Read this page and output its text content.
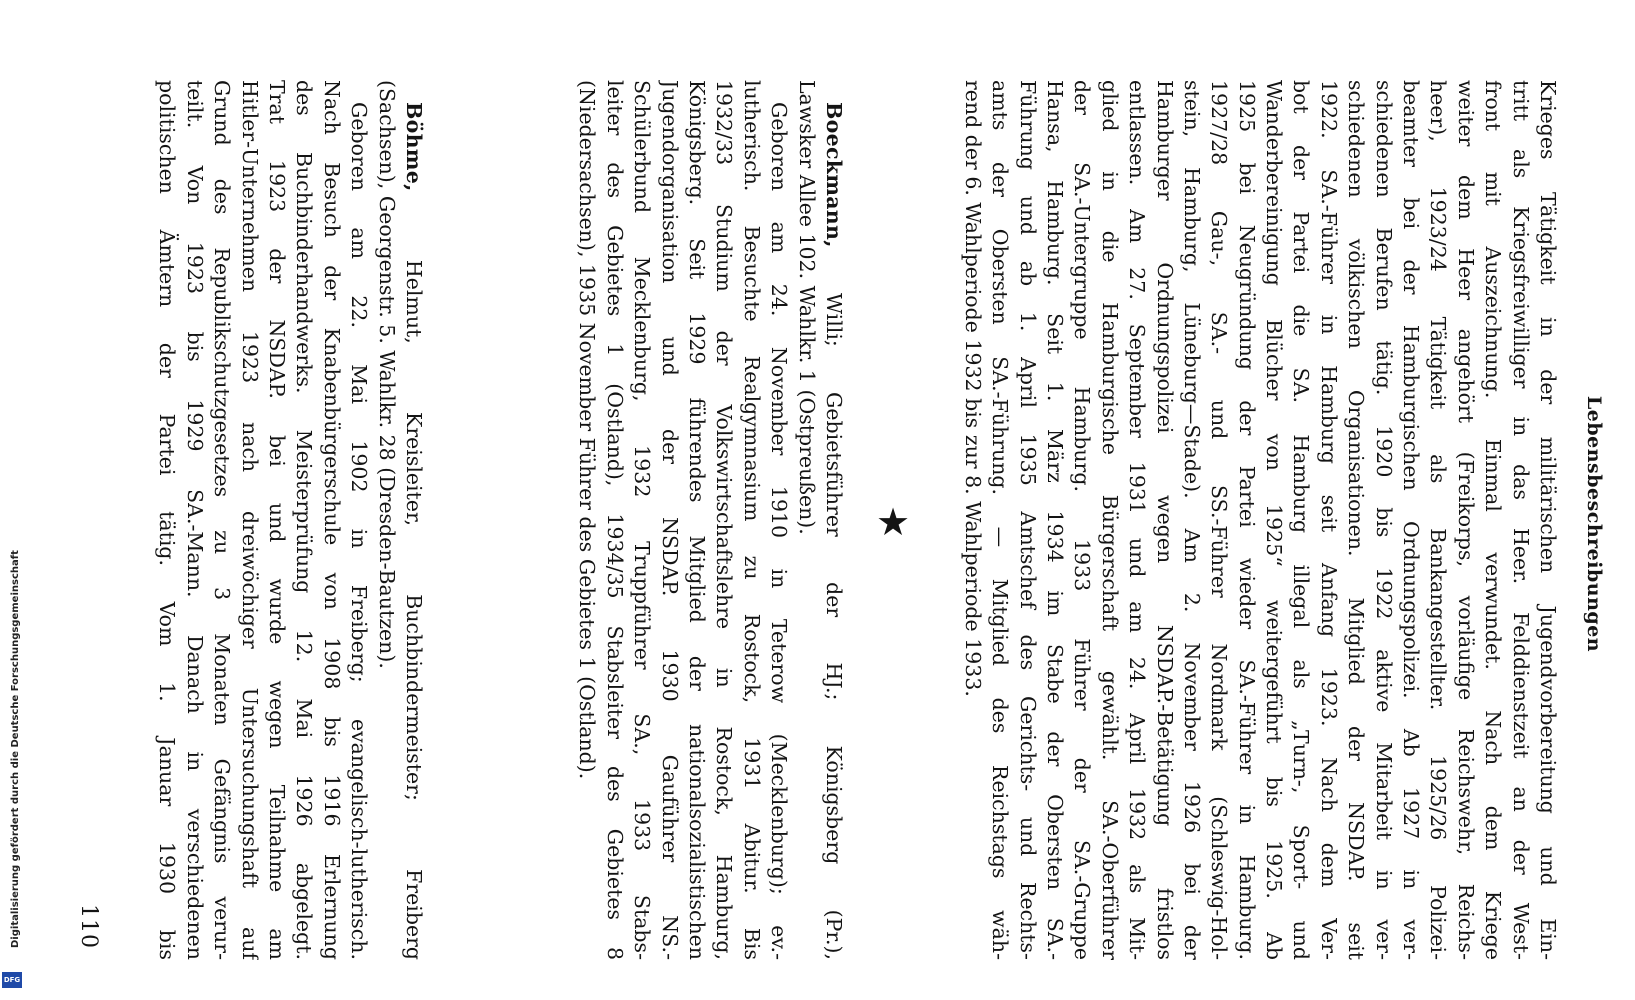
Lebensbeschreibungen
Krieges Tätigkeit in der militärischen Jugendvorbereitung und Ein-
tritt als Kriegsfreiwilliger in das Heer. Felddienstzeit an der West-
front mit Auszeichnung. Einmal verwundet. Nach dem Kriege
weiter dem Heer angehört (Freikorps, vorläufige Reichswehr, Reichs-
heer), 1923/24 Tätigkeit als Bankangestellter. 1925/26 Polizei-
beamter bei der Hamburgischen Ordnungspolizei. Ab 1927 in ver-
schiedenen Berufen tätig. 1920 bis 1922 aktive Mitarbeit in ver-
schiedenen völkischen Organisationen. Mitglied der NSDAP. seit
1922. SA.-Führer in Hamburg seit Anfang 1923. Nach dem Ver-
bot der Partei die SA. Hamburg illegal als „Turn-, Sport- und
Wanderbereinigung Blücher von 1925“ weitergeführt bis 1925. Ab
1925 bei Neugründung der Partei wieder SA.-Führer in Hamburg.
1927/28 Gau-, SA.- und SS.-Führer Nordmark (Schleswig-Hol-
stein, Hamburg, Lüneburg—Stade). Am 2. November 1926 bei der
Hamburger Ordnungspolizei wegen NSDAP.-Betätigung fristlos
entlassen. Am 27. September 1931 und am 24. April 1932 als Mit-
glied in die Hamburgische Bürgerschaft gewählt. SA.-Oberführer
der SA.-Untergruppe Hamburg. 1933 Führer der SA.-Gruppe
Hansa, Hamburg. Seit 1. März 1934 im Stabe der Obersten SA.-
Führung und ab 1. April 1935 Amtschef des Gerichts- und Rechts-
amts der Obersten SA.-Führung. — Mitglied des Reichstags wäh-
rend der 6. Wahlperiode 1932 bis zur 8. Wahlperiode 1933.
★
Boeckmann, Willi; Gebietsführer der HJ.; Königsberg (Pr.),
Lawsker Allee 102. Wahlkr. 1 (Ostpreußen).
Geboren am 24. November 1910 in Teterow (Mecklenburg); ev.-
lutherisch. Besuchte Realgymnasium zu Rostock, 1931 Abitur. Bis
1932/33 Studium der Volkswirtschaftslehre in Rostock, Hamburg,
Königsberg. Seit 1929 führendes Mitglied der nationalsozialistischen
Jugendorganisation und der NSDAP. 1930 Gauführer NS.-
Schülerbund Mecklenburg, 1932 Truppführer SA., 1933 Stabs-
leiter des Gebietes 1 (Ostland), 1934/35 Stabsleiter des Gebietes 8
(Niedersachsen), 1935 November Führer des Gebietes 1 (Ostland).
Böhme, Helmut, Kreisleiter, Buchbindermeister; Freiberg
(Sachsen), Georgenstr. 5. Wahlkr. 28 (Dresden-Bautzen).
Geboren am 22. Mai 1902 in Freiberg; evangelisch-lutherisch.
Nach Besuch der Knabenbürgerschule von 1908 bis 1916 Erlernung
des Buchbinderhandwerks. Meisterprüfung 12. Mai 1926 abgelegt.
Trat 1923 der NSDAP. bei und wurde wegen Teilnahme am
Hitler-Unternehmen 1923 nach dreiwöchiger Untersuchungshaft auf
Grund des Republikschutzgesetzes zu 3 Monaten Gefängnis verur-
teilt. Von 1923 bis 1929 SA.-Mann. Danach in verschiedenen
politischen Ämtern der Partei tätig. Vom 1. Januar 1930 bis
110
Digitalisierung gefördert durch die Deutsche Forschungsgemeinschaft
DFG
